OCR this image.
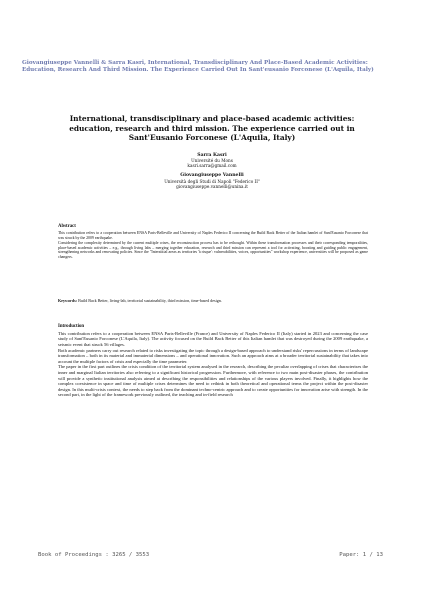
Giovangiuseppe Vannelli & Sarra Kasri, International, Transdisciplinary And Place-Based Academic Activities: Education, Research And Third Mission. The Experience Carried Out In Sant'eusanio Forconese (L'Aquila, Italy)

International, transdisciplinary and place-based academic activities: education, research and third mission. The experience carried out in Sant'Eusanio Forconese (L'Aquila, Italy)

Sarra Kasri
Université du Mons
kasri.sarra@gmail.com
Giovangiuseppe Vannelli
Università degli Studi di Napoli "Federico II"
giovangiuseppe.vannelli@unina.it
Abstract
This contribution refers to a cooperation between ENSA Paris-Belleville and University of Naples Federico II concerning the Build Back Better of the Italian hamlet of Sant'Eusanio Forconese that was struck by the 2009 earthquake.
Considering the complexity determined by the current multiple crises, the reconstruction process has to be rethought. Within these transformation processes and their corresponding temporalities, place-based academic activities – e.g., through living labs – merging together education, research and third mission can represent a tool for activating, boosting and guiding public engagement, strengthening networks and renovating policies. Since the "Interstitial areas as territories 'à risque': vulnerabilities, voices, opportunities" workshop experience, universities will be proposed as game changers.
Keywords: Build Back Better, living-lab, territorial sustainability, third mission, time-based design.
Introduction
This contribution refers to a cooperation between ENSA Paris-Belleville (France) and University of Naples Federico II (Italy) started in 2023 and concerning the case study of Sant'Eusanio Forconese (L'Aquila, Italy). The activity focused on the Build Back Better of this Italian hamlet that was destroyed during the 2009 earthquake, a seismic event that struck 56 villages.
Both academic partners carry out research related to risks investigating the topic through a design-based approach to understand risks' repercussions in terms of landscape transformation – both in its material and immaterial dimensions – and operational innovation. Such an approach aims at a broader territorial sustainability that takes into account the multiple factors of crisis and especially the time parameter.
The paper in the first part outlines the crisis condition of the territorial system analysed in the research, describing the peculiar overlapping of crises that characterises the inner and marginal Italian territories also referring to a significant historical progression. Furthermore, with reference to two main post-disaster phases, the contribution will provide a synthetic institutional analysis aimed at describing the responsibilities and relationships of the various players involved. Finally, it highlights how the complex coexistence in space and time of multiple crises determines the need to rethink in both theoretical and operational terms the project within the post-disaster design. In this multi-crisis context, the needs to step back from the dominant techno-centric approach and to create opportunities for innovation arise with strength. In the second part, in the light of the framework previously outlined, the teaching and in-field research
Book of Proceedings : 3265 / 3553	Paper: 1 / 13
